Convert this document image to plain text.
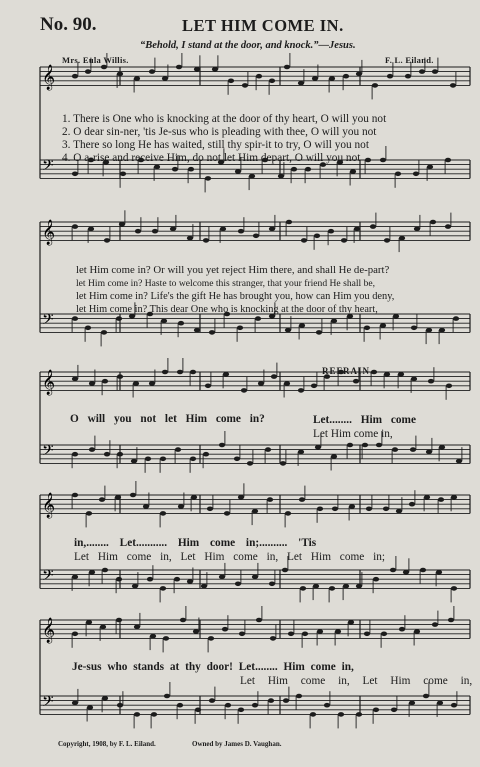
𝄞
𝄢
𝄞
𝄢
𝄞
𝄢
𝄞
𝄢
𝄞
𝄢
No. 90.	LET HIM COME IN.
“Behold, I stand at the door, and knock.”—Jesus.
Mrs. Eula Willis.	F. L. Eiland.
1. There is One who is knocking at the door of thy heart, O will you not
2. O dear sin-ner, 'tis Je-sus who is pleading with thee, O will you not
3. There so long He has waited, still thy spir-it to try, O will you not
4. O a-rise and receive Him, do not let Him depart, O will you not
let Him come in? Or will you yet reject Him there, and shall He de-part?
let Him come in? Haste to welcome this stranger, that your friend He shall be,
let Him come in? Life's the gift He has brought you, how can Him you deny,
let Him come in? This dear One who is knocking at the door of thy heart,
O will you not let Him come in?
REFRAIN.
Let........ Him come
Let Him come in,
in,........ Let........... Him come in;.......... 'Tis
Let Him come in, Let Him come in, Let Him come in;
Je-sus who stands at thy door! Let........ Him come in,
Let Him come in, Let Him come in,
Copyright, 1908, by F. L. Eiland.	Owned by James D. Vaughan.
